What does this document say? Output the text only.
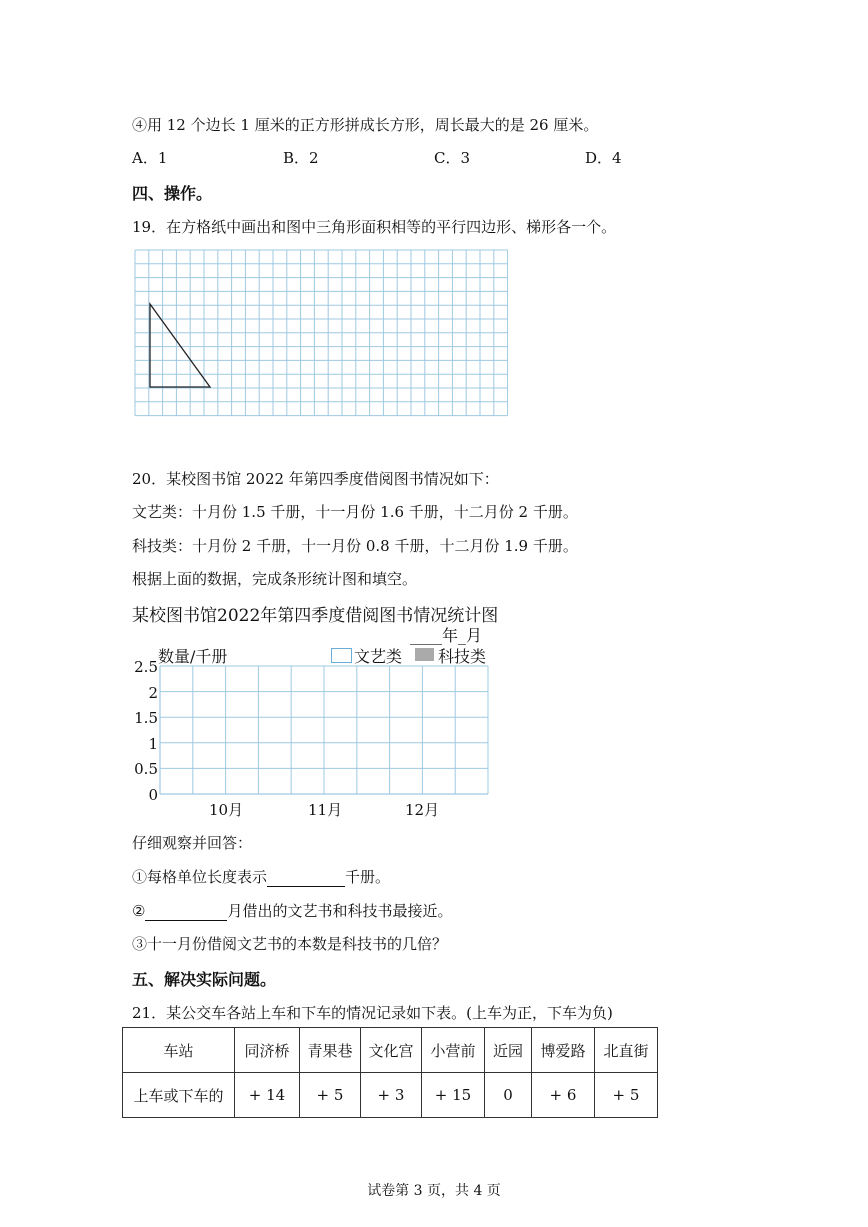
④用 12 个边长 1 厘米的正方形拼成长方形，周长最大的是 26 厘米。
A．1	B．2	C．3	D．4
四、操作。
19．在方格纸中画出和图中三角形面积相等的平行四边形、梯形各一个。
20．某校图书馆 2022 年第四季度借阅图书情况如下：
文艺类：十月份 1.5 千册，十一月份 1.6 千册，十二月份 2 千册。
科技类：十月份 2 千册，十一月份 0.8 千册，十二月份 1.9 千册。
根据上面的数据，完成条形统计图和填空。
某校图书馆2022年第四季度借阅图书情况统计图
____年_月
数量/千册	文艺类 科技类
2.5
2
1.5
1
0.5
0
10月	11月	12月
仔细观察并回答：
①每格单位长度表示	千册。
②	月借出的文艺书和科技书最接近。
③十一月份借阅文艺书的本数是科技书的几倍？
五、解决实际问题。
21．某公交车各站上车和下车的情况记录如下表。(上车为正，下车为负)
车站	同济桥	青果巷	文化宫	小营前	近园	博爱路	北直街
上车或下车的	+ 14	+ 5	+ 3	+ 15	0	+ 6	+ 5
试卷第 3 页，共 4 页
